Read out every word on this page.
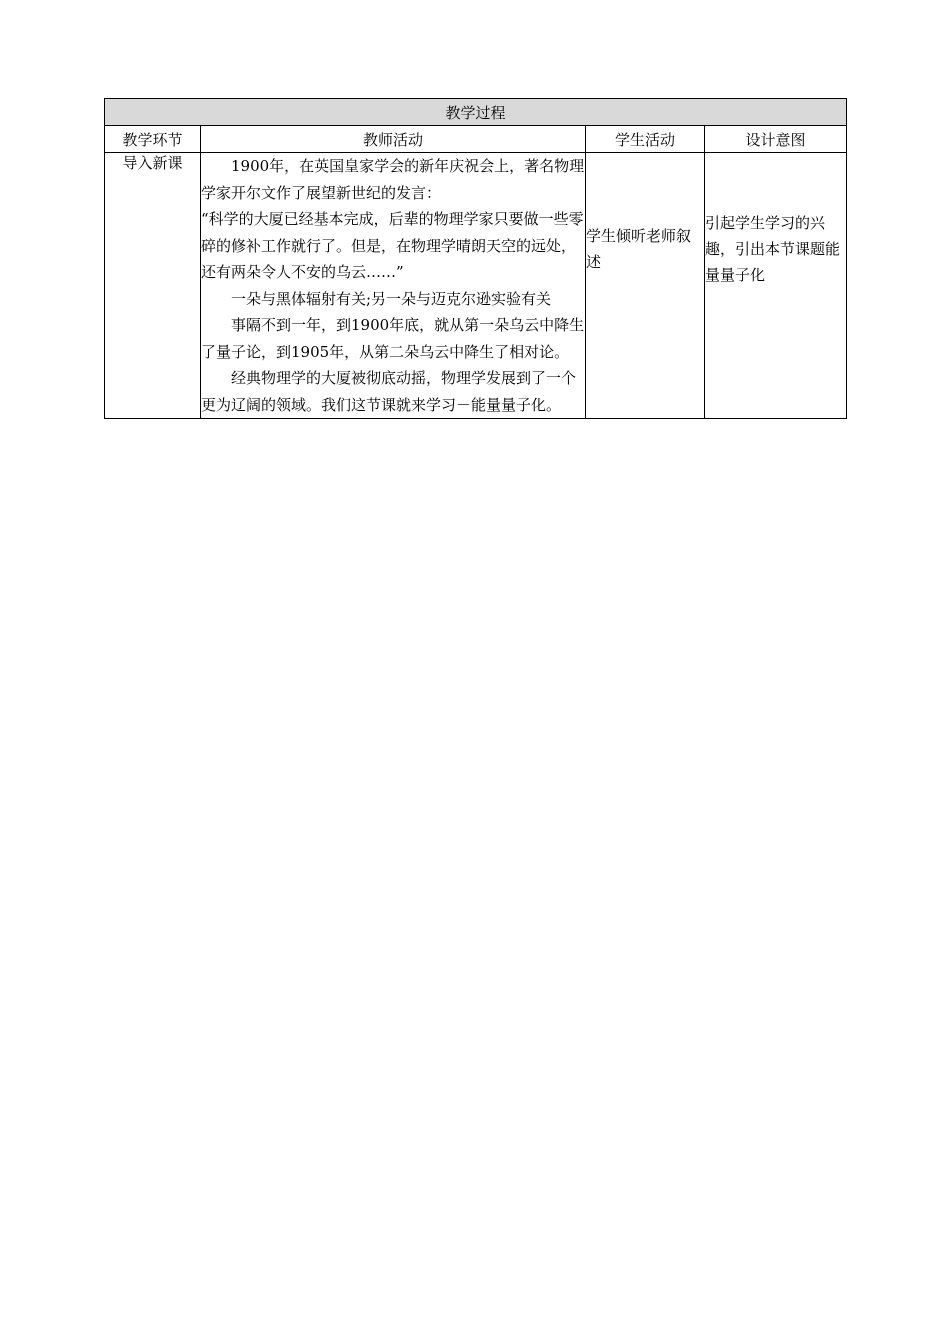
教学过程			
教学环节	教师活动	学生活动	设计意图
导入新课	1900年，在英国皇家学会的新年庆祝会上，著名物理学家开尔文作了展望新世纪的发言：

“科学的大厦已经基本完成，后辈的物理学家只要做一些零碎的修补工作就行了。但是，在物理学晴朗天空的远处，还有两朵令人不安的乌云……”

一朵与黑体辐射有关;另一朵与迈克尔逊实验有关

事隔不到一年，到1900年底，就从第一朵乌云中降生了量子论，到1905年，从第二朵乌云中降生了相对论。

经典物理学的大厦被彻底动摇，物理学发展到了一个更为辽阔的领域。我们这节课就来学习－能量量子化。	学生倾听老师叙述	引起学生学习的兴趣，引出本节课题能量量子化
